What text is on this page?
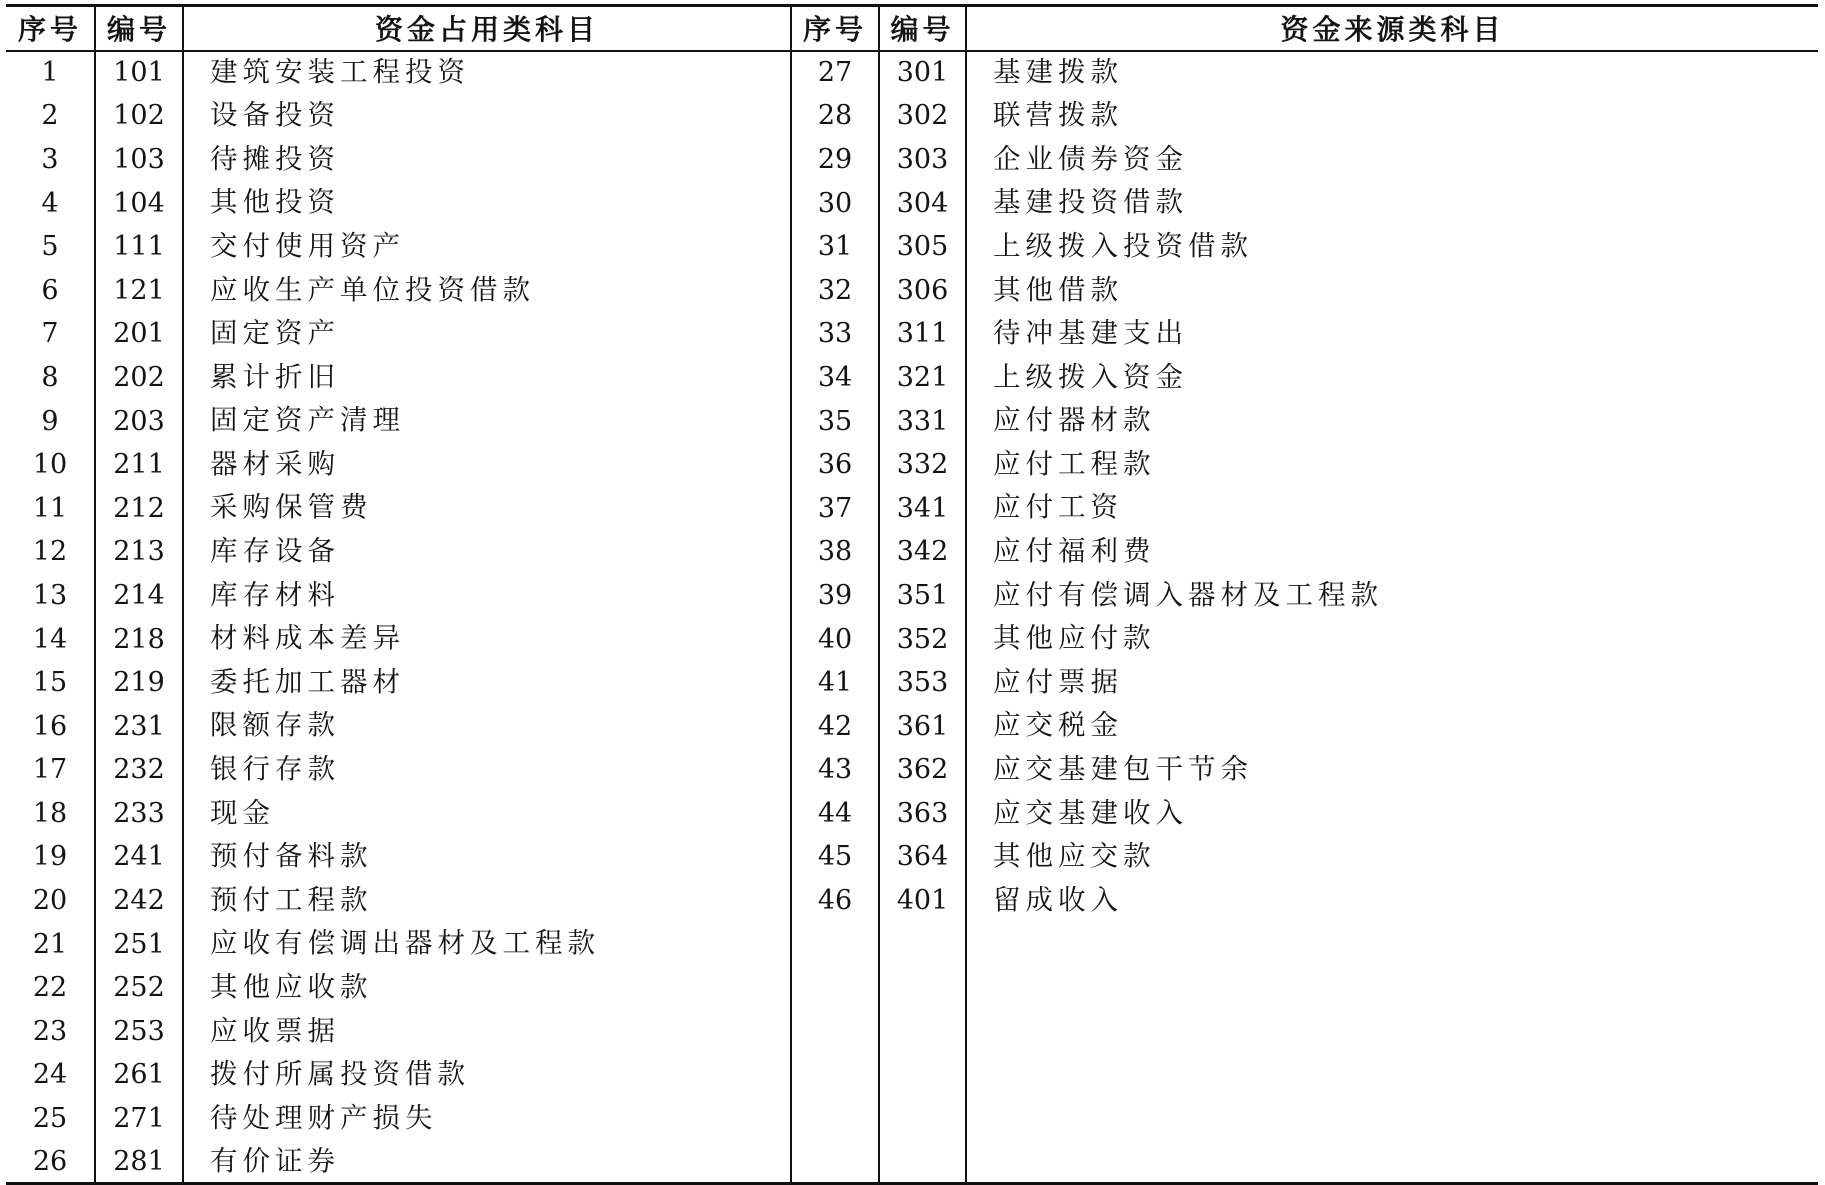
序号	编号	资金占用类科目	序号	编号	资金来源类科目
1	101	建筑安装工程投资	27	301	基建拨款
2	102	设备投资	28	302	联营拨款
3	103	待摊投资	29	303	企业债券资金
4	104	其他投资	30	304	基建投资借款
5	111	交付使用资产	31	305	上级拨入投资借款
6	121	应收生产单位投资借款	32	306	其他借款
7	201	固定资产	33	311	待冲基建支出
8	202	累计折旧	34	321	上级拨入资金
9	203	固定资产清理	35	331	应付器材款
10	211	器材采购	36	332	应付工程款
11	212	采购保管费	37	341	应付工资
12	213	库存设备	38	342	应付福利费
13	214	库存材料	39	351	应付有偿调入器材及工程款
14	218	材料成本差异	40	352	其他应付款
15	219	委托加工器材	41	353	应付票据
16	231	限额存款	42	361	应交税金
17	232	银行存款	43	362	应交基建包干节余
18	233	现金	44	363	应交基建收入
19	241	预付备料款	45	364	其他应交款
20	242	预付工程款	46	401	留成收入
21	251	应收有偿调出器材及工程款			
22	252	其他应收款			
23	253	应收票据			
24	261	拨付所属投资借款			
25	271	待处理财产损失			
26	281	有价证券			
